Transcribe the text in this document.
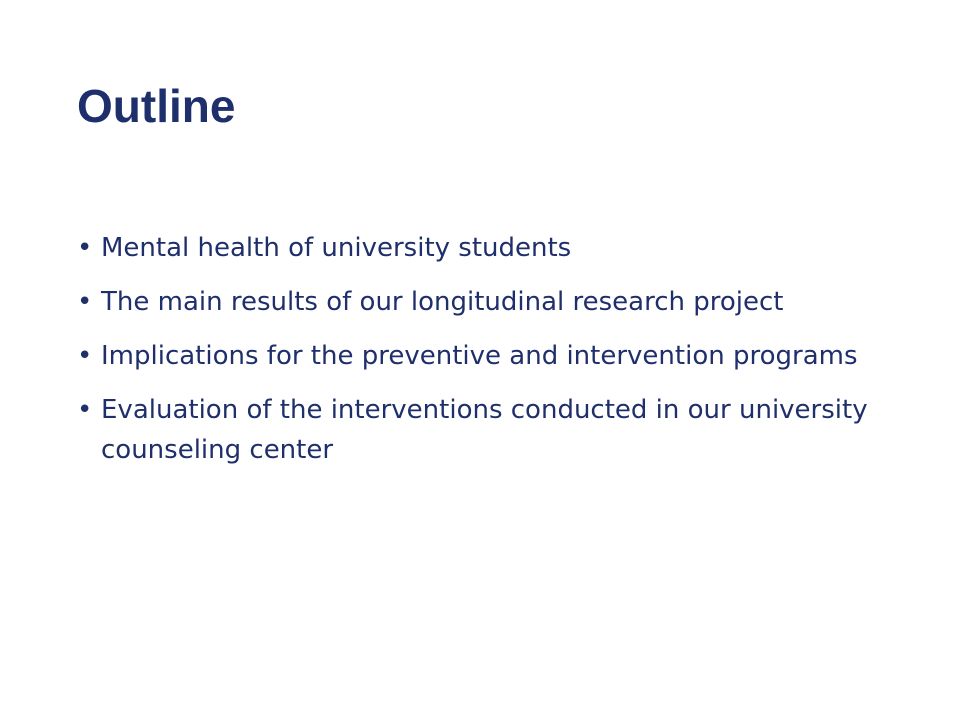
Outline
• Mental health of university students
• The main results of our longitudinal research project
• Implications for the preventive and intervention programs
• Evaluation of the interventions conducted in our university counseling center
